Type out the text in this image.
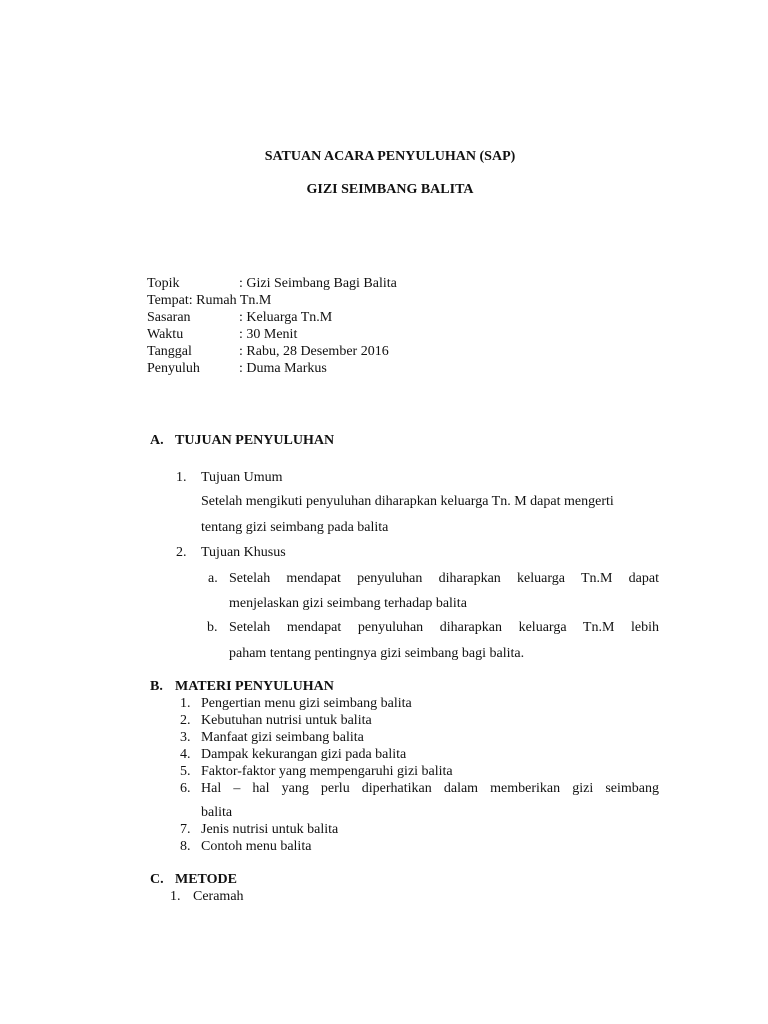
SATUAN ACARA PENYULUHAN (SAP)
GIZI SEIMBANG BALITA
Topik	: Gizi Seimbang Bagi Balita
Tempat: Rumah Tn.M
Sasaran	: Keluarga Tn.M
Waktu	: 30 Menit
Tanggal	: Rabu, 28 Desember 2016
Penyuluh	: Duma Markus
A. TUJUAN PENYULUHAN
1. Tujuan Umum
Setelah mengikuti penyuluhan diharapkan keluarga Tn. M dapat mengerti
tentang gizi seimbang pada balita
2. Tujuan Khusus
a. Setelah mendapat penyuluhan diharapkan keluarga Tn.M dapat
menjelaskan gizi seimbang terhadap balita
b. Setelah mendapat penyuluhan diharapkan keluarga Tn.M lebih
paham tentang pentingnya gizi seimbang bagi balita.
B. MATERI PENYULUHAN
1. Pengertian menu gizi seimbang balita
2. Kebutuhan nutrisi untuk balita
3. Manfaat gizi seimbang balita
4. Dampak kekurangan gizi pada balita
5. Faktor-faktor yang mempengaruhi gizi balita
6. Hal – hal yang perlu diperhatikan dalam memberikan gizi seimbang
balita
7. Jenis nutrisi untuk balita
8. Contoh menu balita
C. METODE
1. Ceramah
